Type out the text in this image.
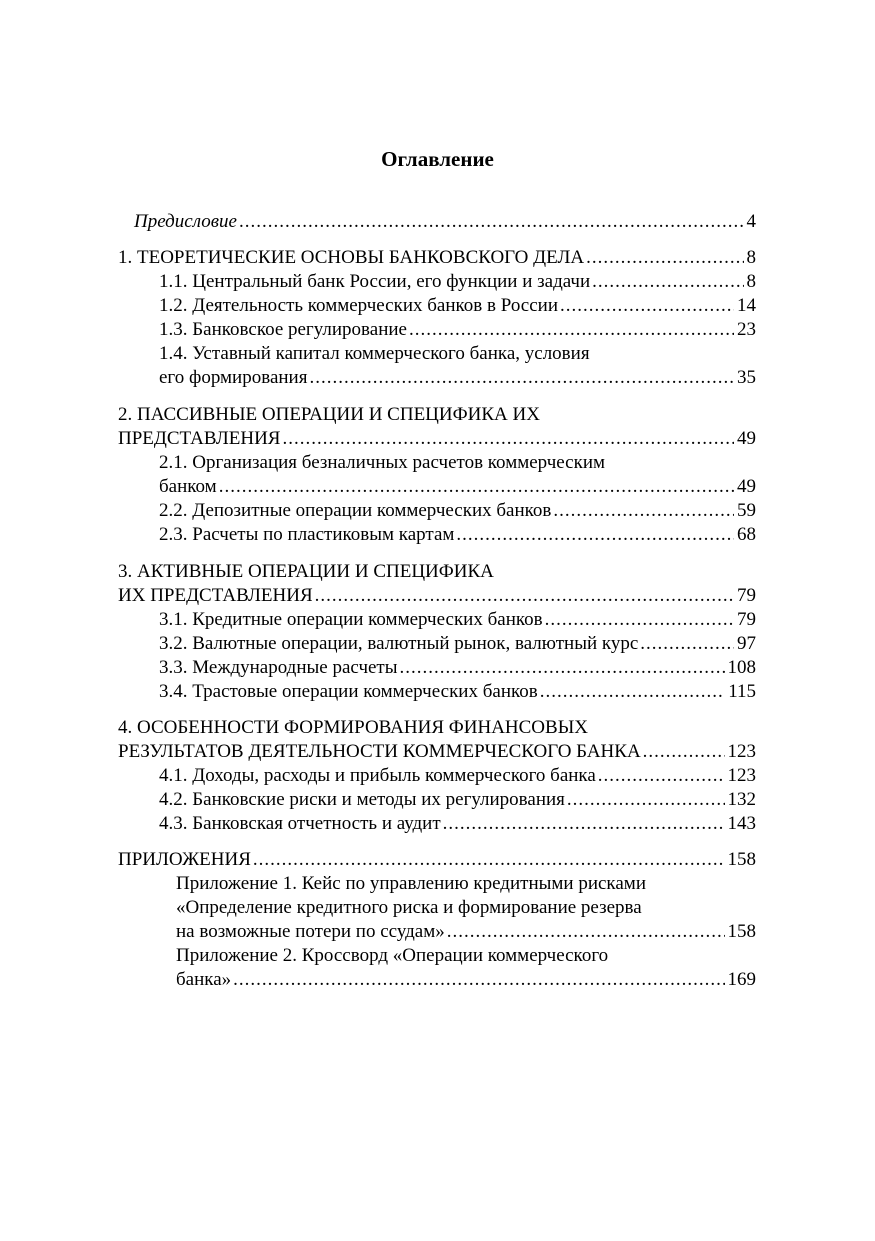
Оглавление
Предисловие .....	4
1. ТЕОРЕТИЧЕСКИЕ ОСНОВЫ БАНКОВСКОГО ДЕЛА .....	8
1.1. Центральный банк России, его функции и задачи .....	8
1.2. Деятельность коммерческих банков в России .....	14
1.3. Банковское регулирование .....	23
1.4. Уставный капитал коммерческого банка, условия
его формирования .....	35
2. ПАССИВНЫЕ ОПЕРАЦИИ И СПЕЦИФИКА ИХ
ПРЕДСТАВЛЕНИЯ .....	49
2.1. Организация безналичных расчетов коммерческим
банком .....	49
2.2. Депозитные операции коммерческих банков .....	59
2.3. Расчеты по пластиковым картам .....	68
3. АКТИВНЫЕ ОПЕРАЦИИ И СПЕЦИФИКА
ИХ ПРЕДСТАВЛЕНИЯ .....	79
3.1. Кредитные операции коммерческих банков .....	79
3.2. Валютные операции, валютный рынок, валютный курс .....	97
3.3. Международные расчеты .....	108
3.4. Трастовые операции коммерческих банков .....	115
4. ОСОБЕННОСТИ ФОРМИРОВАНИЯ ФИНАНСОВЫХ
РЕЗУЛЬТАТОВ ДЕЯТЕЛЬНОСТИ КОММЕРЧЕСКОГО БАНКА .....	123
4.1. Доходы, расходы и прибыль коммерческого банка .....	123
4.2. Банковские риски и методы их регулирования .....	132
4.3. Банковская отчетность и аудит .....	143
ПРИЛОЖЕНИЯ .....	158
Приложение 1. Кейс по управлению кредитными рисками
«Определение кредитного риска и формирование резерва
на возможные потери по ссудам» .....	158
Приложение 2. Кроссворд «Операции коммерческого
банка» .....	169
